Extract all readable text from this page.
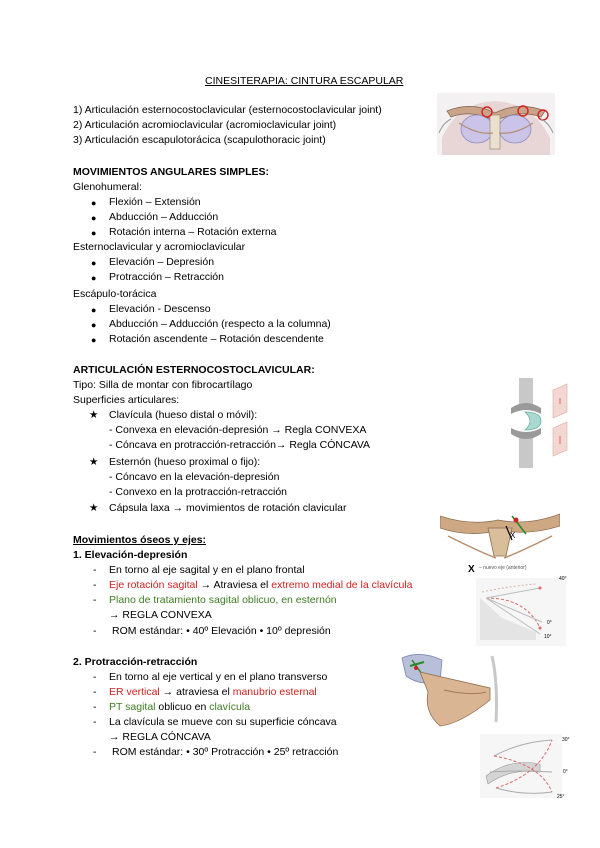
CINESITERAPIA: CINTURA ESCAPULAR
1) Articulación esternocostoclavicular (esternocostoclavicular joint)
2) Articulación acromioclavicular (acromioclavicular joint)
3) Articulación escapulotorácica (scapulothoracic joint)
MOVIMIENTOS ANGULARES SIMPLES:
Glenohumeral:
● Flexión – Extensión
● Abducción – Adducción
● Rotación interna – Rotación externa
Esternoclavicular y acromioclavicular
● Elevación – Depresión
● Protracción – Retracción
Escápulo-torácica
● Elevación - Descenso
● Abducción – Adducción (respecto a la columna)
● Rotación ascendente – Rotación descendente
ARTICULACIÓN ESTERNOCOSTOCLAVICULAR:
Tipo: Silla de montar con fibrocartílago
Superficies articulares:
★ Clavícula (hueso distal o móvil):
- Convexa en elevación-depresión → Regla CONVEXA
- Cóncava en protracción-retracción→ Regla CÓNCAVA
★ Esternón (hueso proximal o fijo):
- Cóncavo en la elevación-depresión
- Convexo en la protracción-retracción
★ Cápsula laxa → movimientos de rotación clavicular
Movimientos óseos y ejes:
1. Elevación-depresión
- En torno al eje sagital y en el plano frontal
- Eje rotación sagital → Atraviesa el extremo medial de la clavícula
- Plano de tratamiento sagital oblicuo, en esternón
→ REGLA CONVEXA
- ROM estándar: • 40º Elevación • 10º depresión
2. Protracción-retracción
- En torno al eje vertical y en el plano transverso
- ER vertical → atraviesa el manubrio esternal
- PT sagital oblicuo en clavícula
- La clavícula se mueve con su superficie cóncava
→ REGLA CÓNCAVA
- ROM estándar: • 30º Protracción • 25º retracción
X
X – nuevo eje (anterior)
40°
0°
10°
30°
0°
25°
